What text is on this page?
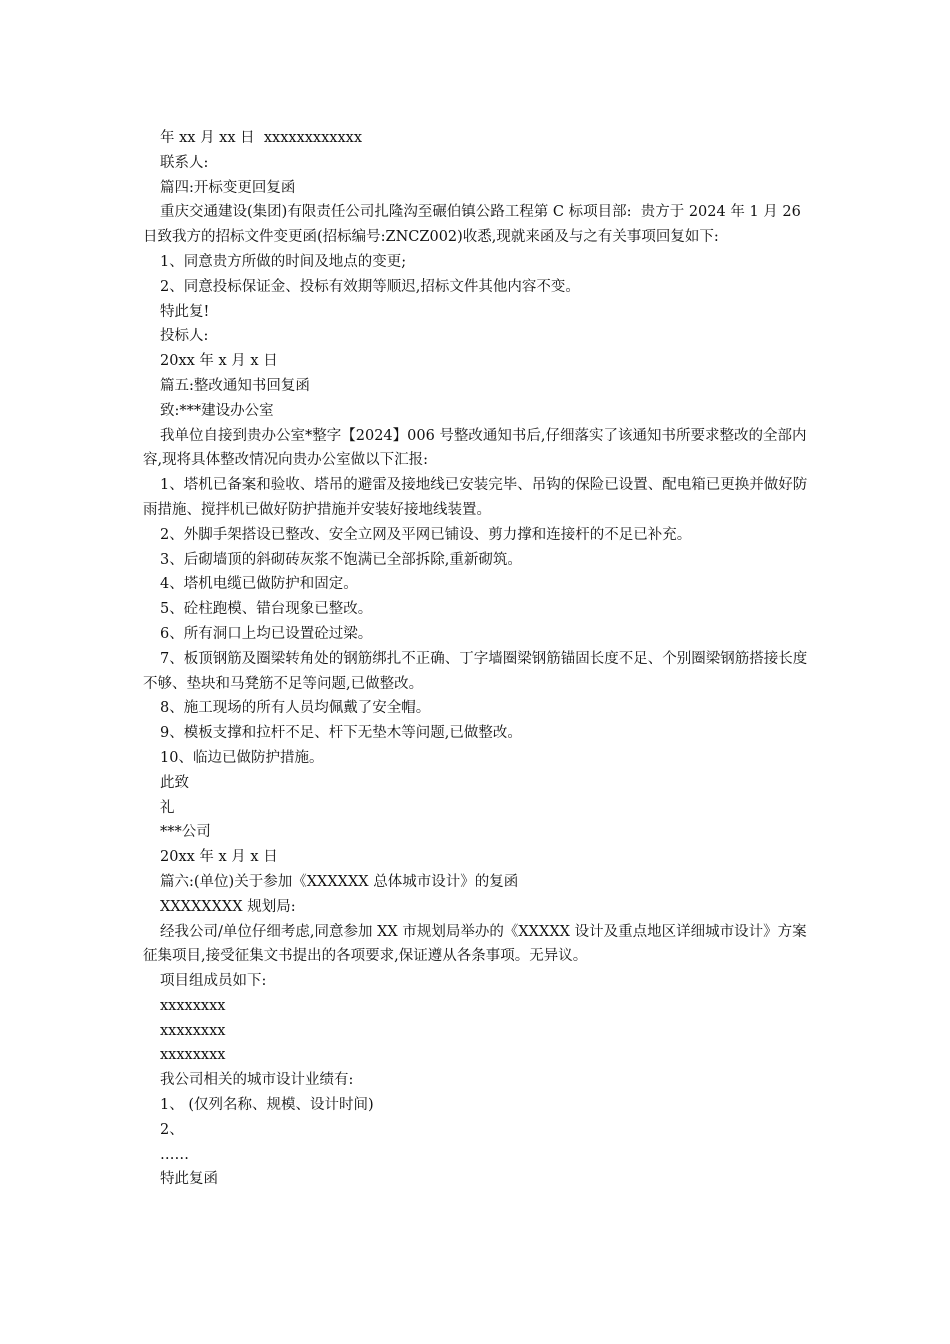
年 xx 月 xx 日  xxxxxxxxxxxx
联系人:
篇四:开标变更回复函
重庆交通建设(集团)有限责任公司扎隆沟至碾伯镇公路工程第 C 标项目部:  贵方于 2024 年 1 月 26 日致我方的招标文件变更函(招标编号:ZNCZ002)收悉,现就来函及与之有关事项回复如下:
1、同意贵方所做的时间及地点的变更;
2、同意投标保证金、投标有效期等顺迟,招标文件其他内容不变。
特此复!
投标人:
20xx 年 x 月 x 日
篇五:整改通知书回复函
致:***建设办公室
我单位自接到贵办公室*整字【2024】006 号整改通知书后,仔细落实了该通知书所要求整改的全部内容,现将具体整改情况向贵办公室做以下汇报:
1、塔机已备案和验收、塔吊的避雷及接地线已安装完毕、吊钩的保险已设置、配电箱已更换并做好防雨措施、搅拌机已做好防护措施并安装好接地线装置。
2、外脚手架搭设已整改、安全立网及平网已铺设、剪力撑和连接杆的不足已补充。
3、后砌墙顶的斜砌砖灰浆不饱满已全部拆除,重新砌筑。
4、塔机电缆已做防护和固定。
5、砼柱跑模、错台现象已整改。
6、所有洞口上均已设置砼过梁。
7、板顶钢筋及圈梁转角处的钢筋绑扎不正确、丁字墙圈梁钢筋锚固长度不足、个别圈梁钢筋搭接长度不够、垫块和马凳筋不足等问题,已做整改。
8、施工现场的所有人员均佩戴了安全帽。
9、模板支撑和拉杆不足、杆下无垫木等问题,已做整改。
10、临边已做防护措施。
此致
礼
***公司
20xx 年 x 月 x 日
篇六:(单位)关于参加《XXXXXX 总体城市设计》的复函
XXXXXXXX 规划局:
经我公司/单位仔细考虑,同意参加 XX 市规划局举办的《XXXXX 设计及重点地区详细城市设计》方案征集项目,接受征集文书提出的各项要求,保证遵从各条事项。无异议。
项目组成员如下:
xxxxxxxx
xxxxxxxx
xxxxxxxx
我公司相关的城市设计业绩有:
1、 (仅列名称、规模、设计时间)
2、
……
特此复函
